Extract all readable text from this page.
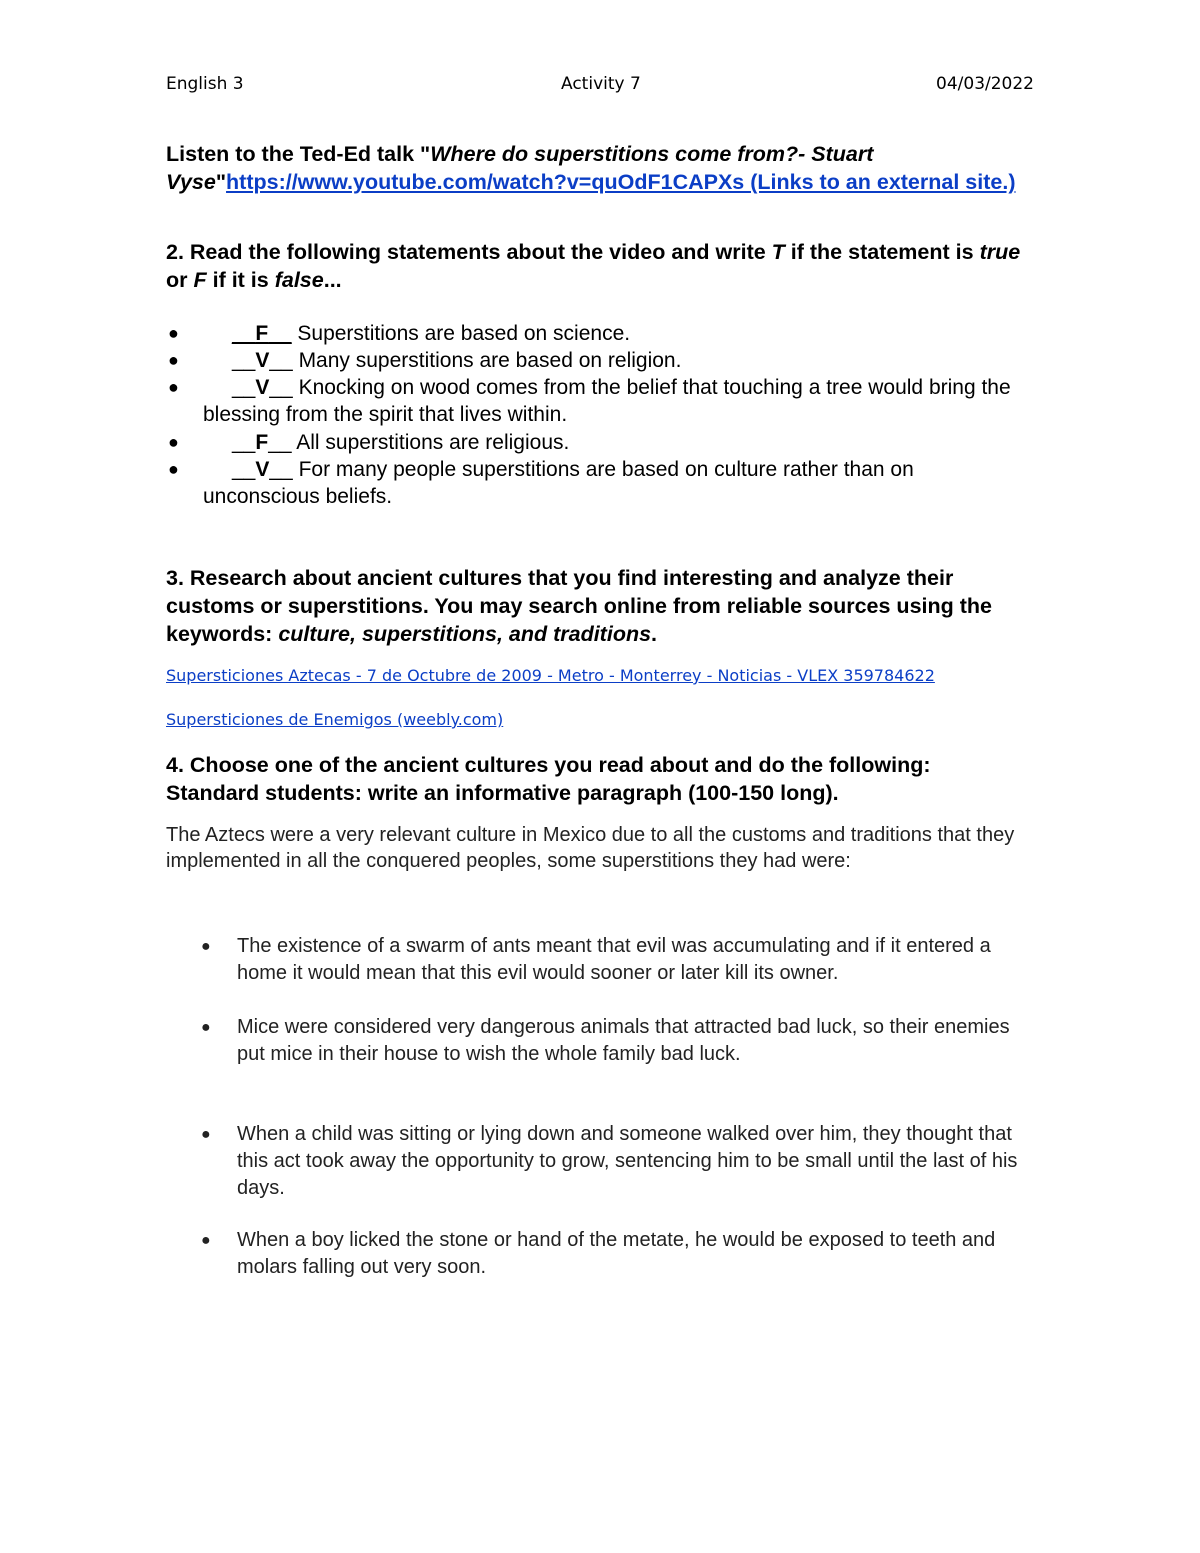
English 3	Activity 7	04/03/2022
Listen to the Ted-Ed talk "Where do superstitions come from?- Stuart Vyse"https://www.youtube.com/watch?v=quOdF1CAPXs (Links to an external site.)
2. Read the following statements about the video and write T if the statement is true or F if it is false...
●	__F__ Superstitions are based on science.
●	__V__ Many superstitions are based on religion.
●	__V__ Knocking on wood comes from the belief that touching a tree would bring the blessing from the spirit that lives within.
●	__F__ All superstitions are religious.
●	__V__ For many people superstitions are based on culture rather than on unconscious beliefs.
3. Research about ancient cultures that you find interesting and analyze their customs or superstitions. You may search online from reliable sources using the keywords: culture, superstitions, and traditions.
Supersticiones Aztecas - 7 de Octubre de 2009 - Metro - Monterrey - Noticias - VLEX 359784622
Supersticiones de Enemigos (weebly.com)
4. Choose one of the ancient cultures you read about and do the following:
Standard students: write an informative paragraph (100-150 long).
The Aztecs were a very relevant culture in Mexico due to all the customs and traditions that they implemented in all the conquered peoples, some superstitions they had were:
●	The existence of a swarm of ants meant that evil was accumulating and if it entered a home it would mean that this evil would sooner or later kill its owner.
●	Mice were considered very dangerous animals that attracted bad luck, so their enemies put mice in their house to wish the whole family bad luck.
●	When a child was sitting or lying down and someone walked over him, they thought that this act took away the opportunity to grow, sentencing him to be small until the last of his days.
●	When a boy licked the stone or hand of the metate, he would be exposed to teeth and molars falling out very soon.
